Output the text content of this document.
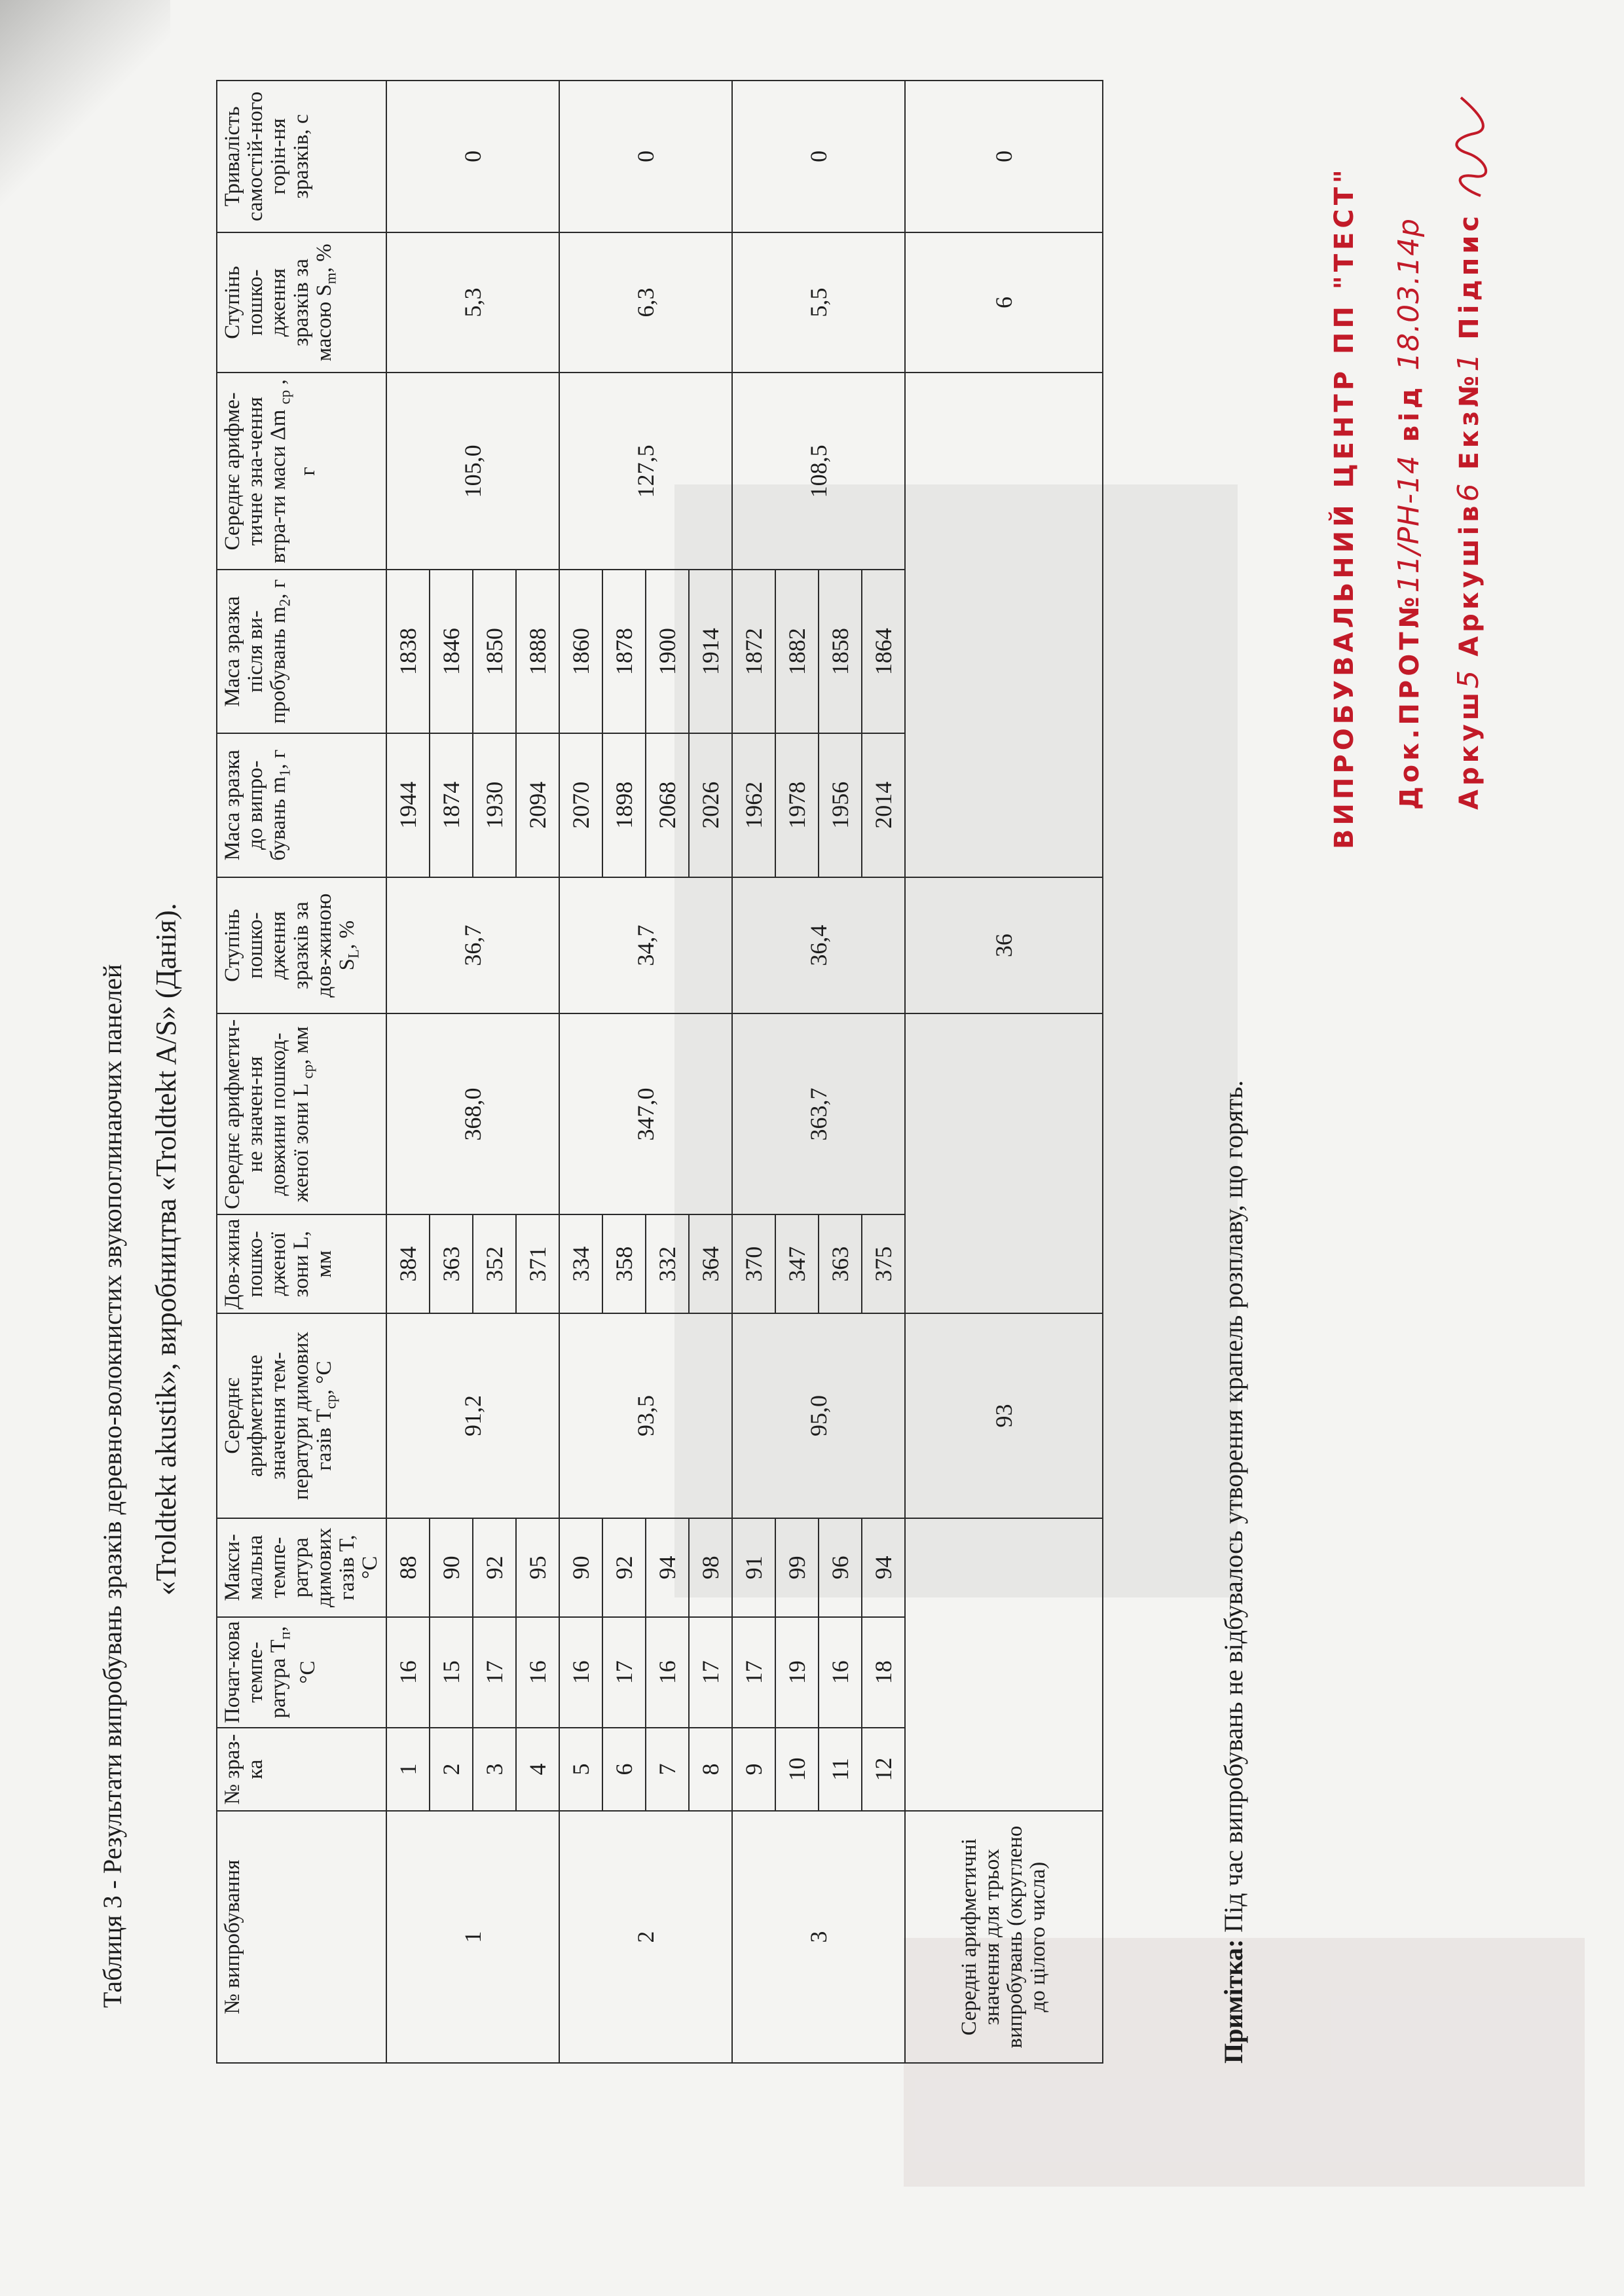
Таблиця 3 - Результати випробувань зразків деревно-волокнистих звукопоглинаючих панелей «Troldtekt akustik», виробництва «Troldtekt A/S» (Данія).
№ випробування	№ зраз-ка	Почат-кова темпе-ратура $T_п,^\circ С$	Макси-мальна темпе-ратура димових газів T, °С	Середнє арифметичне значення тем-ператури димових газів $T_{ср}$, °С	Дов-жина пошко-дженої зони L, мм	Середнє арифметич-не значен-ня довжини пошкод-женої зони L $_{ср}$, мм	Ступінь пошко-дження зразків за дов-жиною $S_L$, %	Маса зразка до випро-бувань $m_1$, г	Маса зразка після ви-пробувань $m_2$, г	Середнє арифме-тичне зна-чення втра-ти маси Δm $_{ср}$ , г	Ступінь пошко-дження зразків за масою $S_m$, %	Тривалість самостій-ного горін-ня зразків, с
1	1	16	88	91,2	384	368,0	36,7	1944	1838	105,0	5,3	0
	2	15	90		363			1874	1846			
	3	17	92		352			1930	1850			
	4	16	95		371			2094	1888			
2	5	16	90	93,5	334	347,0	34,7	2070	1860	127,5	6,3	0
	6	17	92		358			1898	1878			
	7	16	94		332			2068	1900			
	8	17	98		364			2026	1914			
3	9	17	91	95,0	370	363,7	36,4	1962	1872	108,5	5,5	0
	10	19	99		347			1978	1882			
	11	16	96		363			1956	1858			
	12	18	94		375			2014	1864			
Середні арифметичні значення для трьох випробувань (округлено до цілого числа)				93			36				6	0
Примітка: Під час випробувань не відбувалось утворення крапель розплаву, що горять.
ВИПРОБУВАЛЬНИЙ ЦЕНТР ПП "ТЕСТ" Док.ПРОТ№11/РН-14 від 18.03.14р
Аркуш5 Аркушів6 Екз№1 Підпис
